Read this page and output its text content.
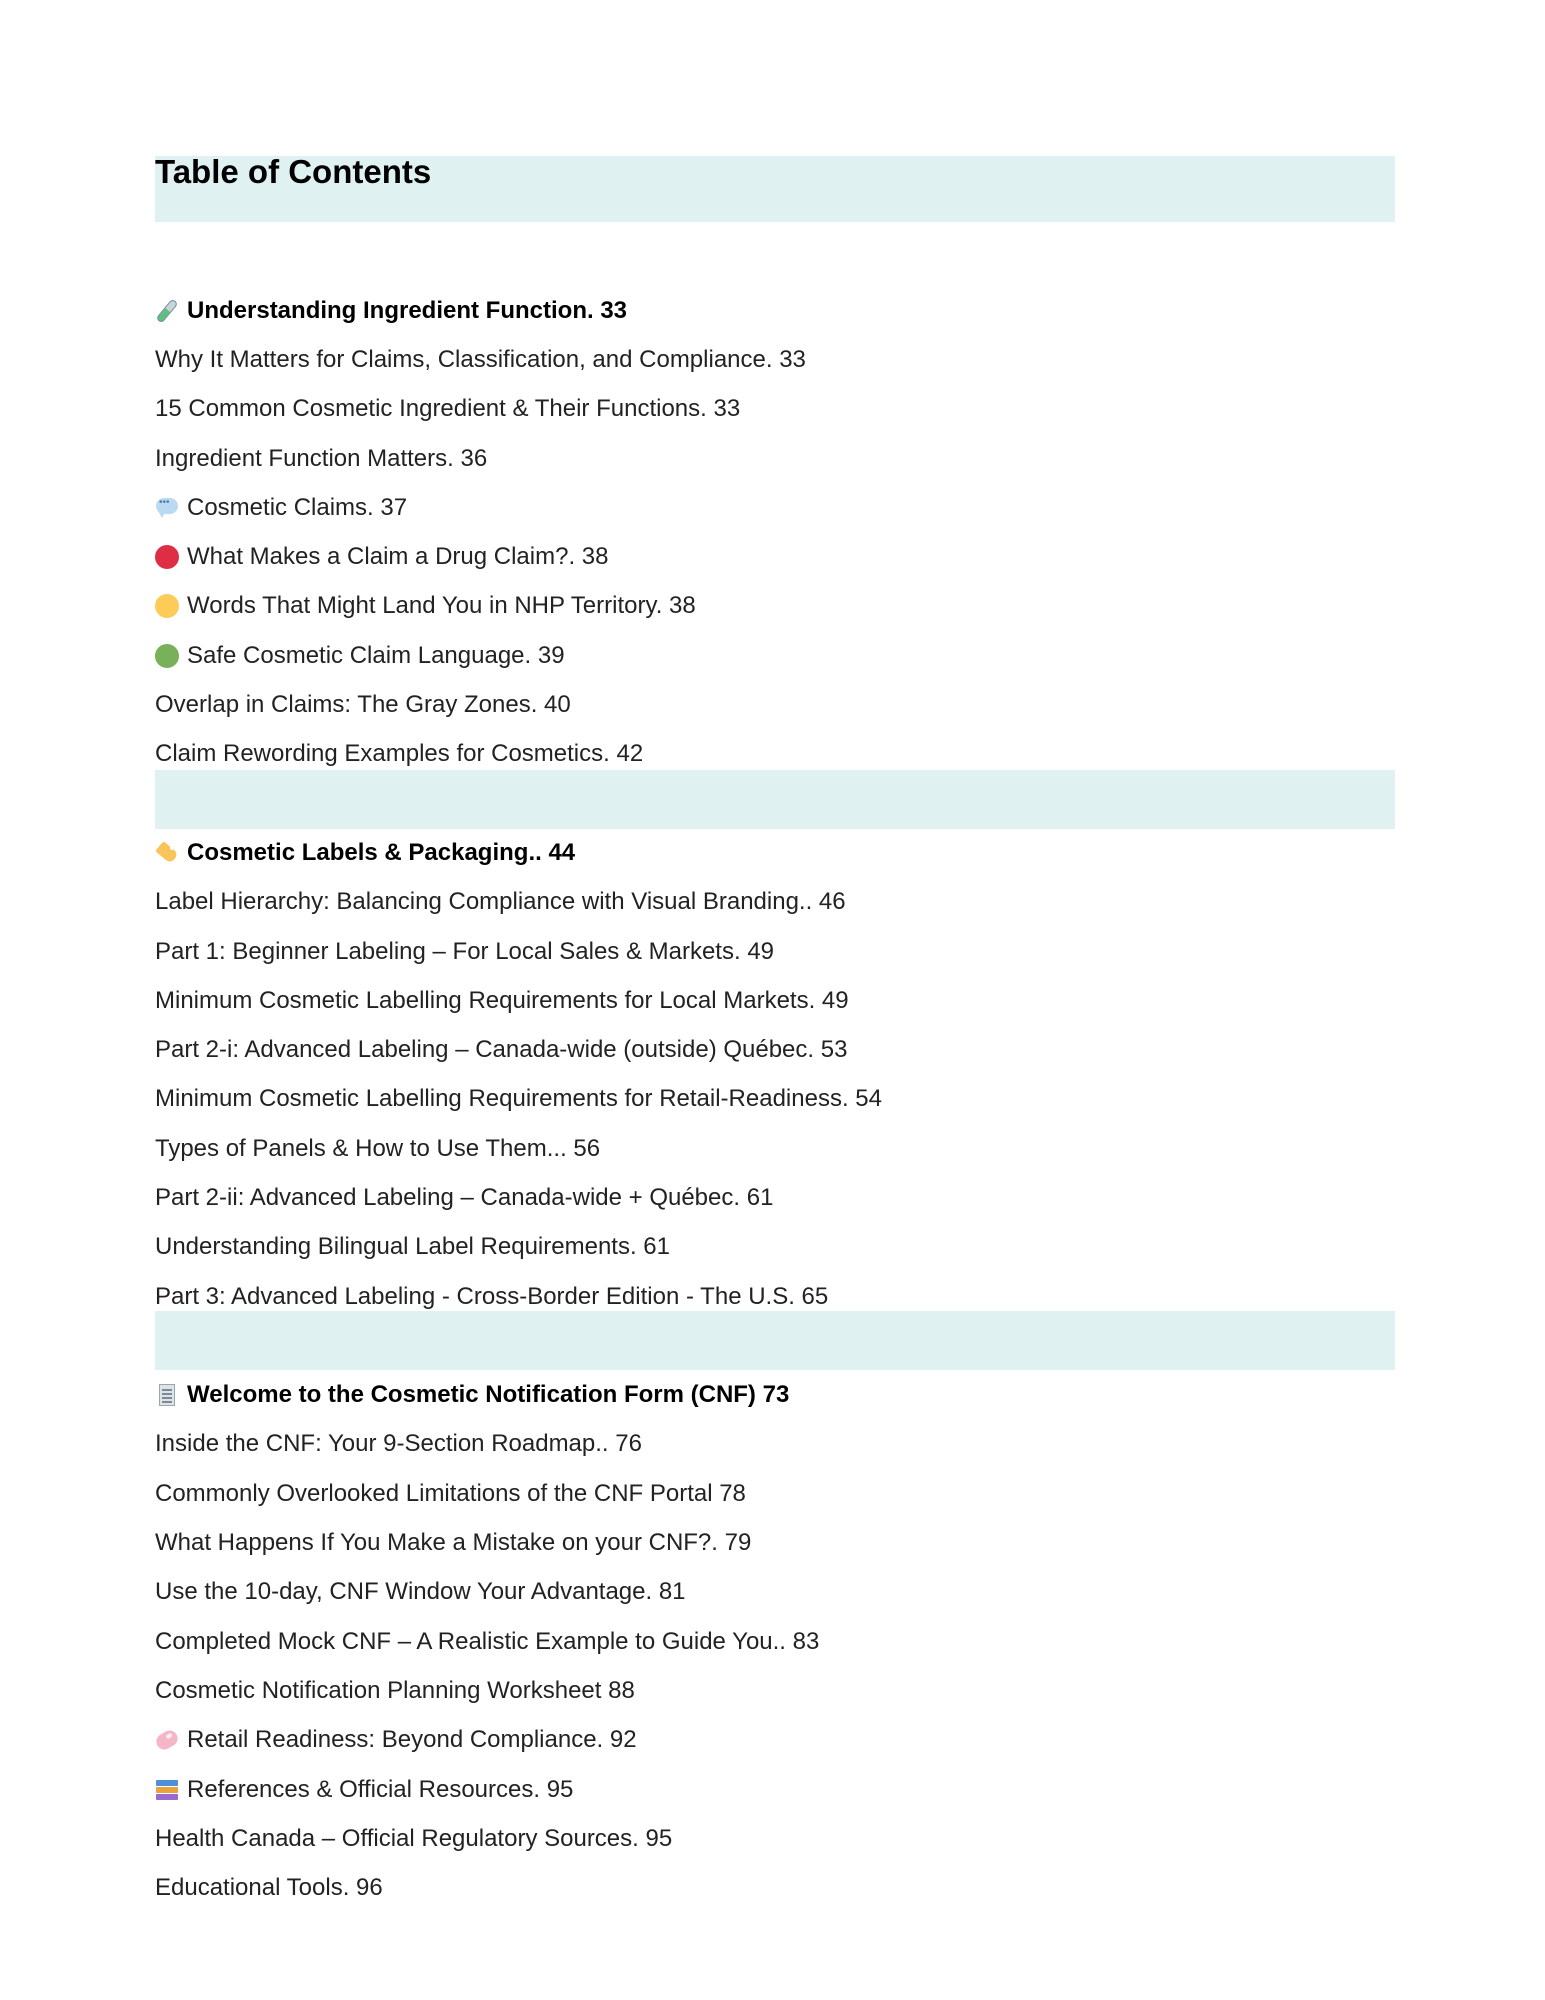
Table of Contents
Understanding Ingredient Function. 33
Why It Matters for Claims, Classification, and Compliance. 33
15 Common Cosmetic Ingredient & Their Functions. 33
Ingredient Function Matters. 36
•••
Cosmetic Claims. 37
What Makes a Claim a Drug Claim?. 38
Words That Might Land You in NHP Territory. 38
Safe Cosmetic Claim Language. 39
Overlap in Claims: The Gray Zones. 40
Claim Rewording Examples for Cosmetics. 42
Cosmetic Labels & Packaging.. 44
Label Hierarchy: Balancing Compliance with Visual Branding.. 46
Part 1: Beginner Labeling – For Local Sales & Markets. 49
Minimum Cosmetic Labelling Requirements for Local Markets. 49
Part 2-i: Advanced Labeling – Canada-wide (outside) Québec. 53
Minimum Cosmetic Labelling Requirements for Retail-Readiness. 54
Types of Panels & How to Use Them... 56
Part 2-ii: Advanced Labeling – Canada-wide + Québec. 61
Understanding Bilingual Label Requirements. 61
Part 3: Advanced Labeling - Cross-Border Edition - The U.S. 65
Welcome to the Cosmetic Notification Form (CNF) 73
Inside the CNF: Your 9-Section Roadmap.. 76
Commonly Overlooked Limitations of the CNF Portal 78
What Happens If You Make a Mistake on your CNF?. 79
Use the 10-day, CNF Window Your Advantage. 81
Completed Mock CNF – A Realistic Example to Guide You.. 83
Cosmetic Notification Planning Worksheet 88
Retail Readiness: Beyond Compliance. 92
References & Official Resources. 95
Health Canada – Official Regulatory Sources. 95
Educational Tools. 96
